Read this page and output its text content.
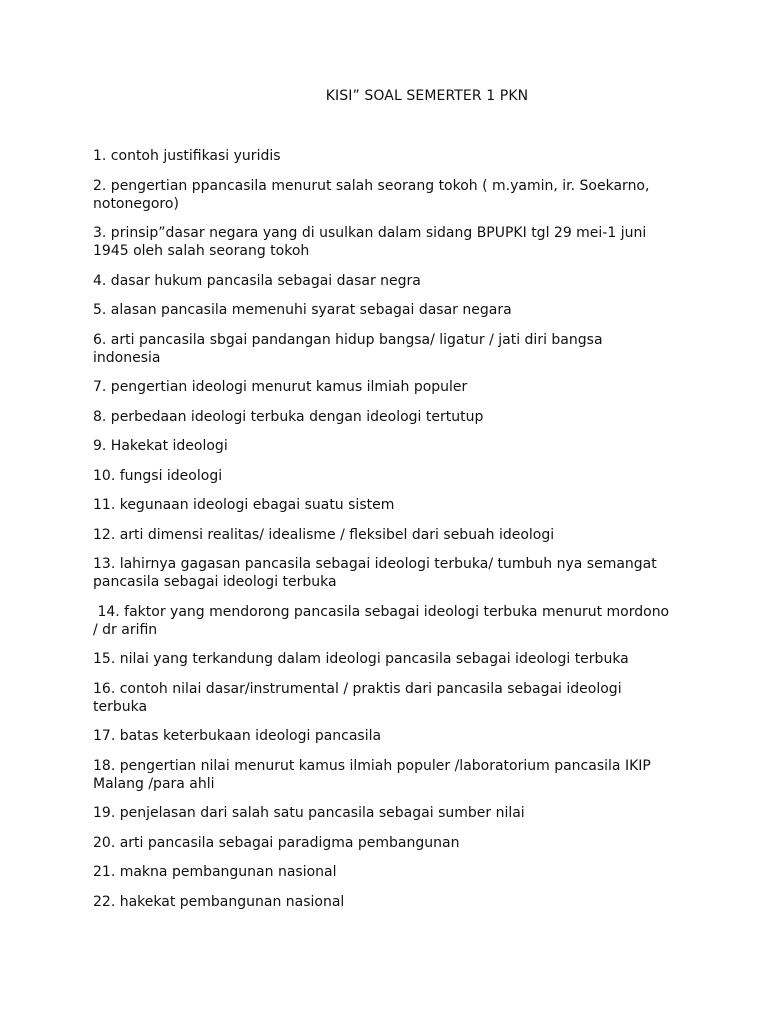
KISI” SOAL SEMERTER 1 PKN
1. contoh justifikasi yuridis
2. pengertian ppancasila menurut salah seorang tokoh ( m.yamin, ir. Soekarno, notonegoro)
3. prinsip”dasar negara yang di usulkan dalam sidang BPUPKI tgl 29 mei-1 juni 1945 oleh salah seorang tokoh
4. dasar hukum pancasila sebagai dasar negra
5. alasan pancasila memenuhi syarat sebagai dasar negara
6. arti pancasila sbgai pandangan hidup bangsa/ ligatur / jati diri bangsa indonesia
7. pengertian ideologi menurut kamus ilmiah populer
8. perbedaan ideologi terbuka dengan ideologi tertutup
9. Hakekat ideologi
10. fungsi ideologi
11. kegunaan ideologi ebagai suatu sistem
12. arti dimensi realitas/ idealisme / fleksibel dari sebuah ideologi
13. lahirnya gagasan pancasila sebagai ideologi terbuka/ tumbuh nya semangat pancasila sebagai ideologi terbuka
14. faktor yang mendorong pancasila sebagai ideologi terbuka menurut mordono / dr arifin
15. nilai yang terkandung dalam ideologi pancasila sebagai ideologi terbuka
16. contoh nilai dasar/instrumental / praktis dari pancasila sebagai ideologi terbuka
17. batas keterbukaan ideologi pancasila
18. pengertian nilai menurut kamus ilmiah populer /laboratorium pancasila IKIP Malang /para ahli
19. penjelasan dari salah satu pancasila sebagai sumber nilai
20. arti pancasila sebagai paradigma pembangunan
21. makna pembangunan nasional
22. hakekat pembangunan nasional
